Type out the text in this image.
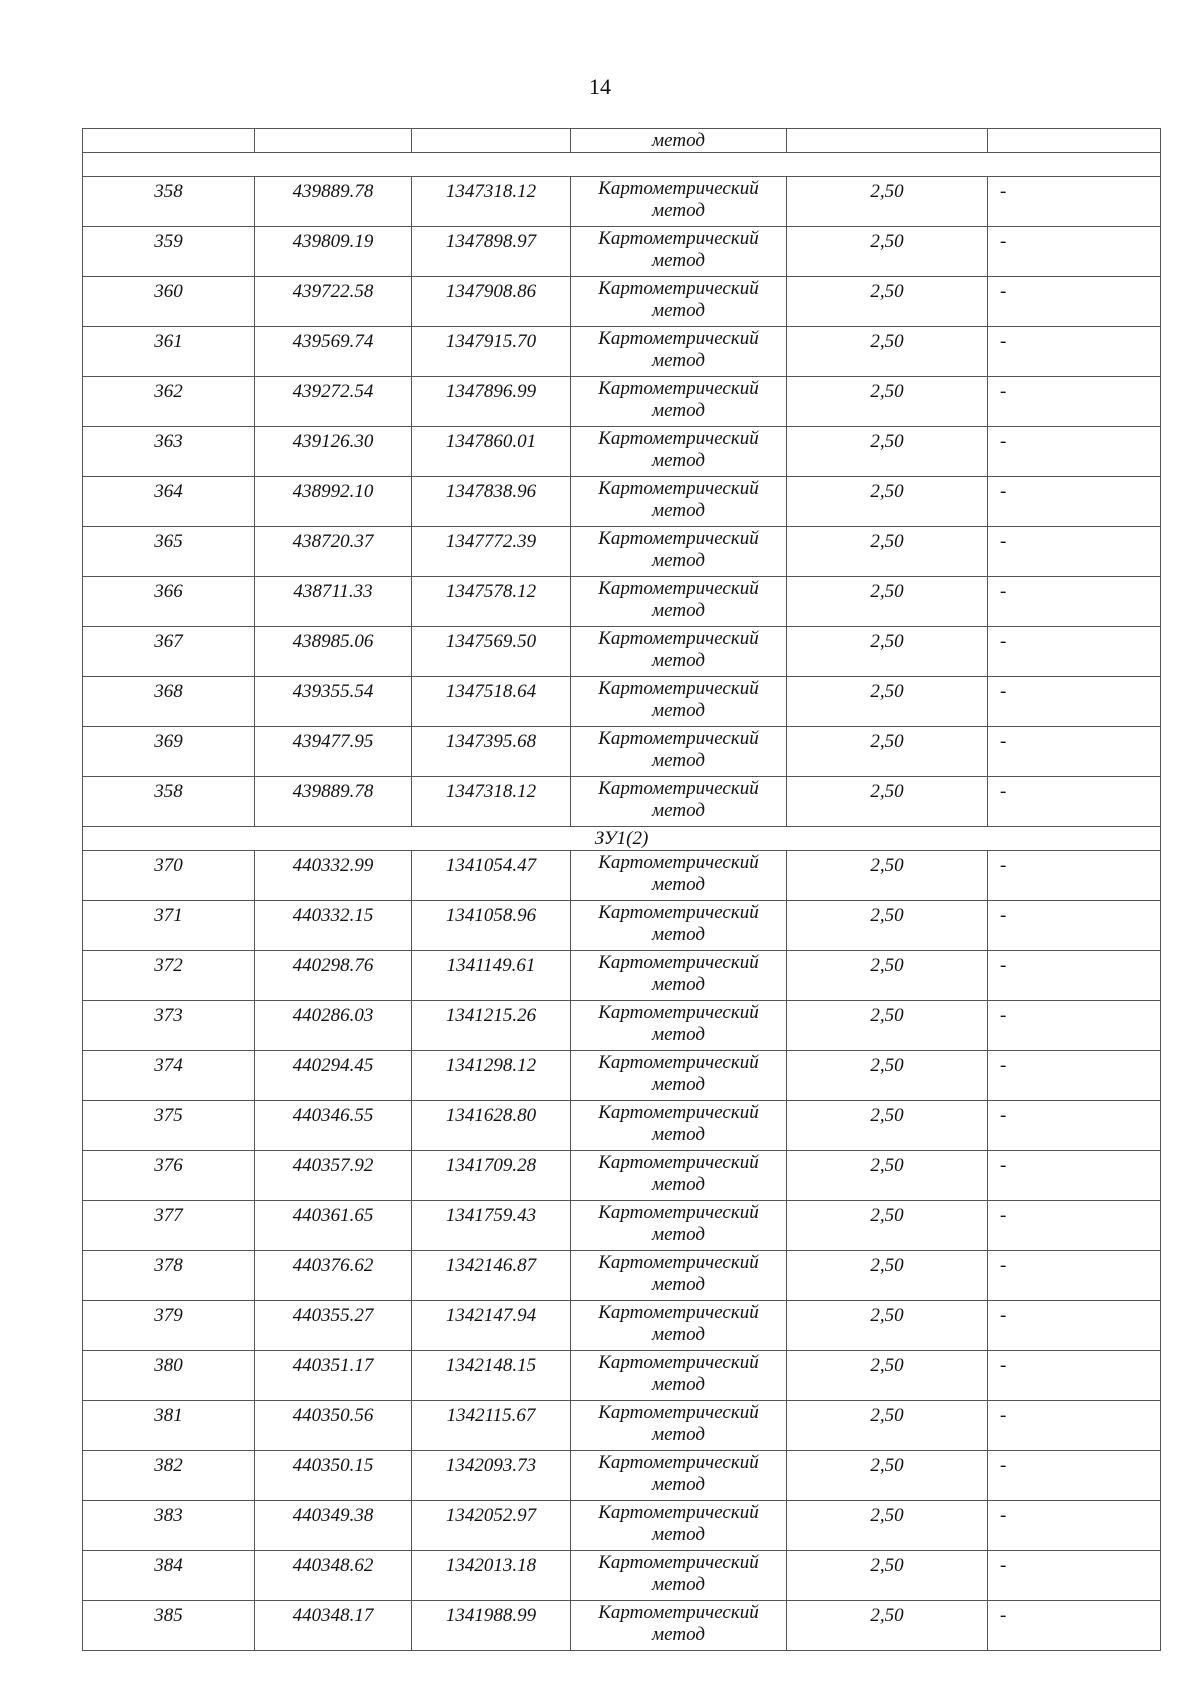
14
			метод		

358	439889.78	1347318.12	Картометрический
метод	2,50	-
359	439809.19	1347898.97	Картометрический
метод	2,50	-
360	439722.58	1347908.86	Картометрический
метод	2,50	-
361	439569.74	1347915.70	Картометрический
метод	2,50	-
362	439272.54	1347896.99	Картометрический
метод	2,50	-
363	439126.30	1347860.01	Картометрический
метод	2,50	-
364	438992.10	1347838.96	Картометрический
метод	2,50	-
365	438720.37	1347772.39	Картометрический
метод	2,50	-
366	438711.33	1347578.12	Картометрический
метод	2,50	-
367	438985.06	1347569.50	Картометрический
метод	2,50	-
368	439355.54	1347518.64	Картометрический
метод	2,50	-
369	439477.95	1347395.68	Картометрический
метод	2,50	-
358	439889.78	1347318.12	Картометрический
метод	2,50	-
ЗУ1(2)					
370	440332.99	1341054.47	Картометрический
метод	2,50	-
371	440332.15	1341058.96	Картометрический
метод	2,50	-
372	440298.76	1341149.61	Картометрический
метод	2,50	-
373	440286.03	1341215.26	Картометрический
метод	2,50	-
374	440294.45	1341298.12	Картометрический
метод	2,50	-
375	440346.55	1341628.80	Картометрический
метод	2,50	-
376	440357.92	1341709.28	Картометрический
метод	2,50	-
377	440361.65	1341759.43	Картометрический
метод	2,50	-
378	440376.62	1342146.87	Картометрический
метод	2,50	-
379	440355.27	1342147.94	Картометрический
метод	2,50	-
380	440351.17	1342148.15	Картометрический
метод	2,50	-
381	440350.56	1342115.67	Картометрический
метод	2,50	-
382	440350.15	1342093.73	Картометрический
метод	2,50	-
383	440349.38	1342052.97	Картометрический
метод	2,50	-
384	440348.62	1342013.18	Картометрический
метод	2,50	-
385	440348.17	1341988.99	Картометрический
метод	2,50	-
